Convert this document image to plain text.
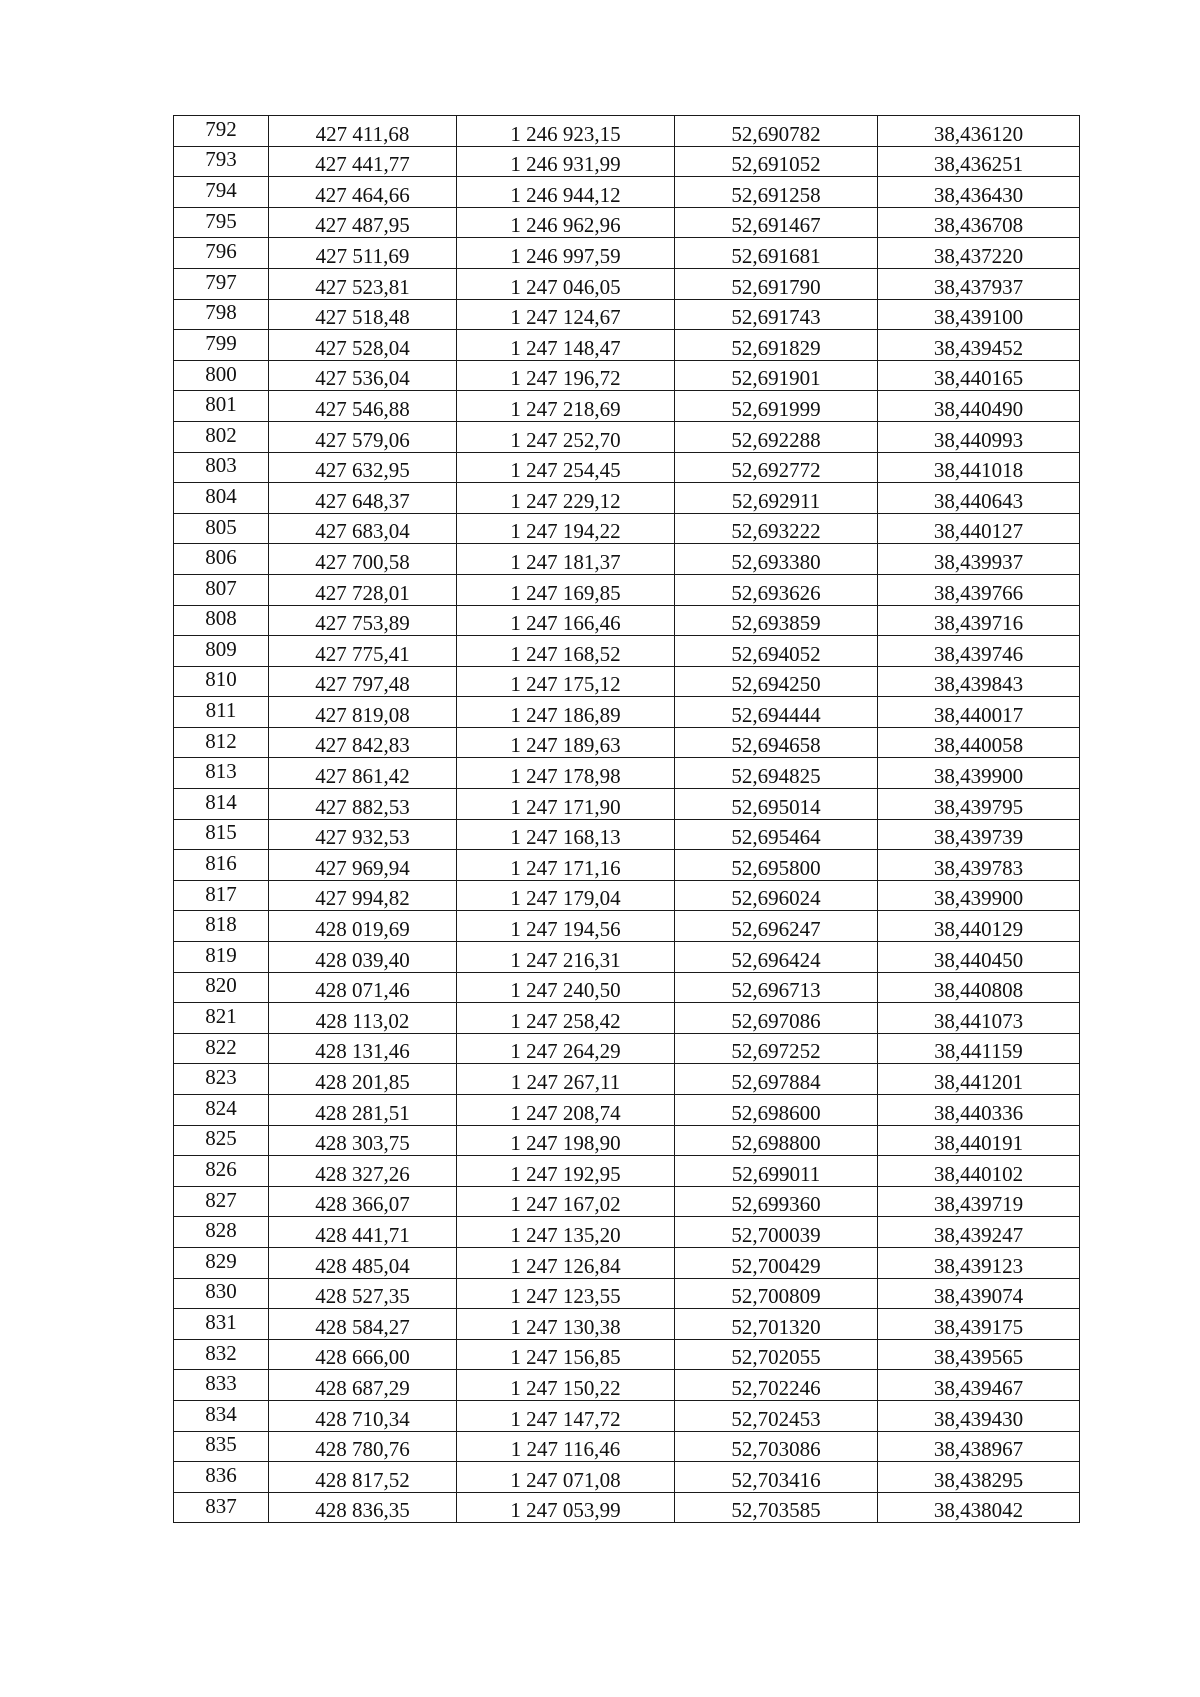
792	427 411,68	1 246 923,15	52,690782	38,436120
793	427 441,77	1 246 931,99	52,691052	38,436251
794	427 464,66	1 246 944,12	52,691258	38,436430
795	427 487,95	1 246 962,96	52,691467	38,436708
796	427 511,69	1 246 997,59	52,691681	38,437220
797	427 523,81	1 247 046,05	52,691790	38,437937
798	427 518,48	1 247 124,67	52,691743	38,439100
799	427 528,04	1 247 148,47	52,691829	38,439452
800	427 536,04	1 247 196,72	52,691901	38,440165
801	427 546,88	1 247 218,69	52,691999	38,440490
802	427 579,06	1 247 252,70	52,692288	38,440993
803	427 632,95	1 247 254,45	52,692772	38,441018
804	427 648,37	1 247 229,12	52,692911	38,440643
805	427 683,04	1 247 194,22	52,693222	38,440127
806	427 700,58	1 247 181,37	52,693380	38,439937
807	427 728,01	1 247 169,85	52,693626	38,439766
808	427 753,89	1 247 166,46	52,693859	38,439716
809	427 775,41	1 247 168,52	52,694052	38,439746
810	427 797,48	1 247 175,12	52,694250	38,439843
811	427 819,08	1 247 186,89	52,694444	38,440017
812	427 842,83	1 247 189,63	52,694658	38,440058
813	427 861,42	1 247 178,98	52,694825	38,439900
814	427 882,53	1 247 171,90	52,695014	38,439795
815	427 932,53	1 247 168,13	52,695464	38,439739
816	427 969,94	1 247 171,16	52,695800	38,439783
817	427 994,82	1 247 179,04	52,696024	38,439900
818	428 019,69	1 247 194,56	52,696247	38,440129
819	428 039,40	1 247 216,31	52,696424	38,440450
820	428 071,46	1 247 240,50	52,696713	38,440808
821	428 113,02	1 247 258,42	52,697086	38,441073
822	428 131,46	1 247 264,29	52,697252	38,441159
823	428 201,85	1 247 267,11	52,697884	38,441201
824	428 281,51	1 247 208,74	52,698600	38,440336
825	428 303,75	1 247 198,90	52,698800	38,440191
826	428 327,26	1 247 192,95	52,699011	38,440102
827	428 366,07	1 247 167,02	52,699360	38,439719
828	428 441,71	1 247 135,20	52,700039	38,439247
829	428 485,04	1 247 126,84	52,700429	38,439123
830	428 527,35	1 247 123,55	52,700809	38,439074
831	428 584,27	1 247 130,38	52,701320	38,439175
832	428 666,00	1 247 156,85	52,702055	38,439565
833	428 687,29	1 247 150,22	52,702246	38,439467
834	428 710,34	1 247 147,72	52,702453	38,439430
835	428 780,76	1 247 116,46	52,703086	38,438967
836	428 817,52	1 247 071,08	52,703416	38,438295
837	428 836,35	1 247 053,99	52,703585	38,438042
